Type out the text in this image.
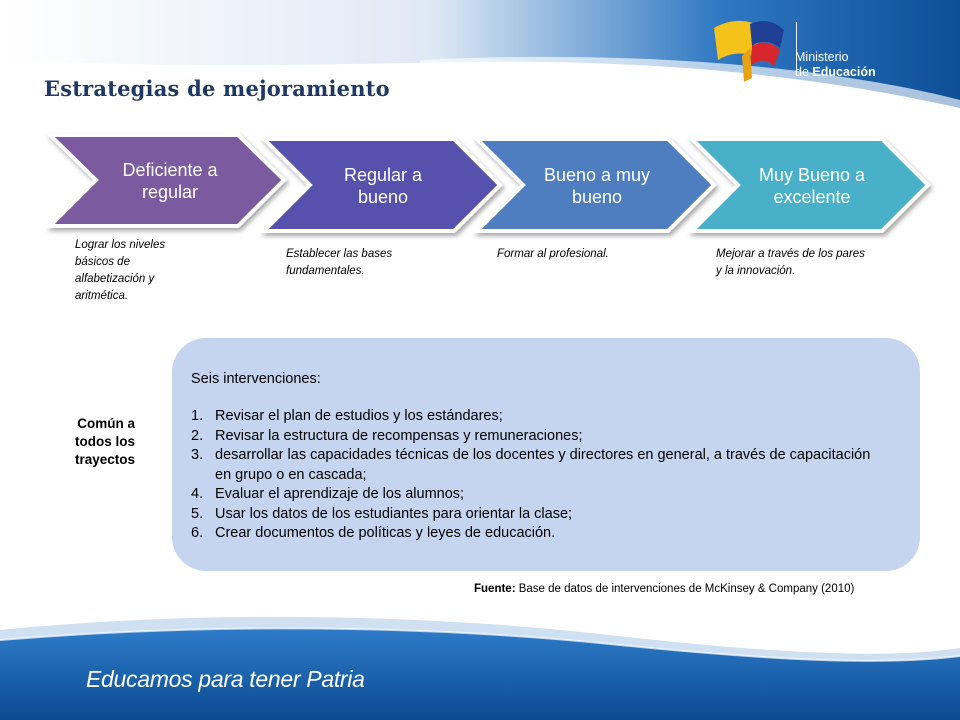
Ministerio
de Educación
Estrategias de mejoramiento
Deficiente a regular
Regular a bueno
Bueno a muy bueno
Muy Bueno a excelente
Lograr los niveles básicos de alfabetización y aritmética.
Establecer las bases fundamentales.
Formar al profesional.	Mejorar a través de los pares y la innovación.
Común a todos los trayectos
Seis intervenciones:
1. Revisar el plan de estudios y los estándares;
2. Revisar la estructura de recompensas y remuneraciones;
3. desarrollar las capacidades técnicas de los docentes y directores en general, a través de capacitación en grupo o en cascada;
4. Evaluar el aprendizaje de los alumnos;
5. Usar los datos de los estudiantes para orientar la clase;
6. Crear documentos de políticas y leyes de educación.
Fuente: Base de datos de intervenciones de McKinsey & Company (2010)
Educamos para tener Patria
